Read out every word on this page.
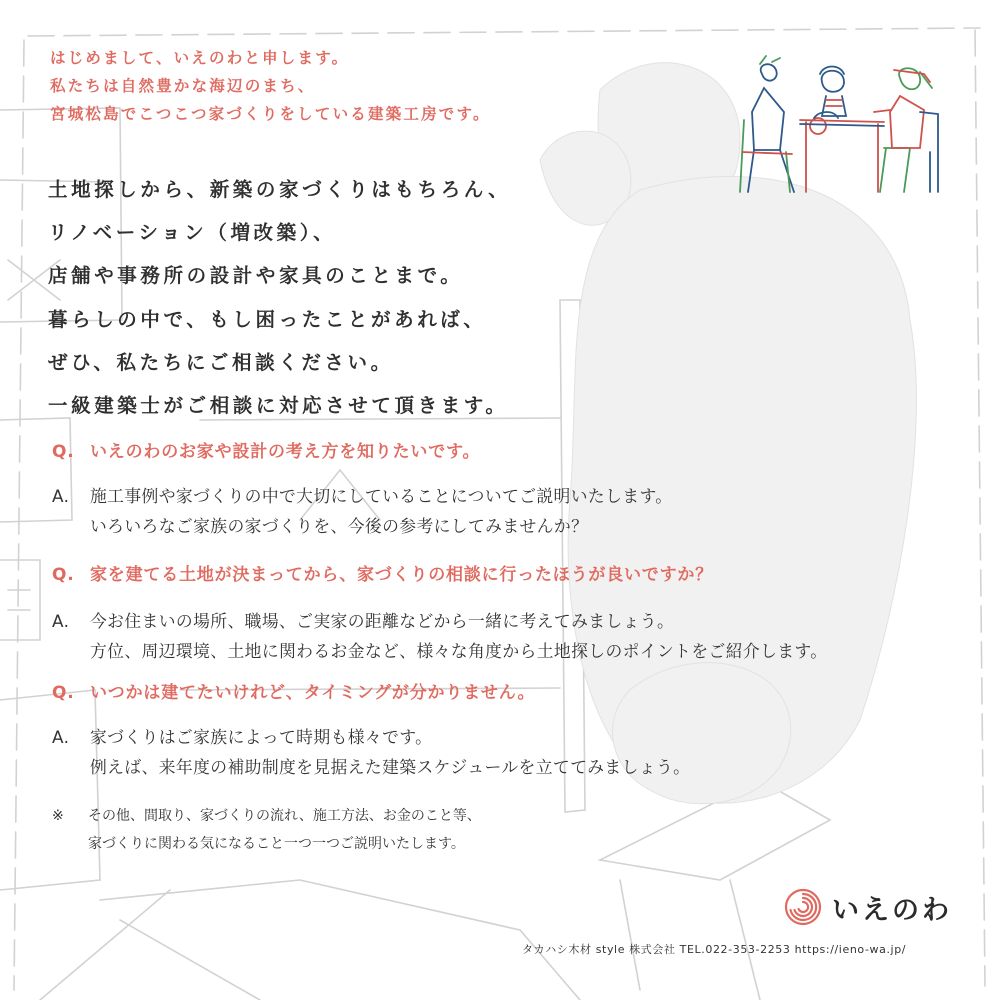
はじめまして、いえのわと申します。
私たちは自然豊かな海辺のまち、
宮城松島でこつこつ家づくりをしている建築工房です。
土地探しから、新築の家づくりはもちろん、
リノベーション（増改築）、
店舗や事務所の設計や家具のことまで。
暮らしの中で、もし困ったことがあれば、
ぜひ、私たちにご相談ください。
一級建築士がご相談に対応させて頂きます。
Q. いえのわのお家や設計の考え方を知りたいです。
A. 施工事例や家づくりの中で大切にしていることについてご説明いたします。
いろいろなご家族の家づくりを、今後の参考にしてみませんか？
Q. 家を建てる土地が決まってから、家づくりの相談に行ったほうが良いですか？
A. 今お住まいの場所、職場、ご実家の距離などから一緒に考えてみましょう。
方位、周辺環境、土地に関わるお金など、様々な角度から土地探しのポイントをご紹介します。
Q. いつかは建てたいけれど、タイミングが分かりません。
A. 家づくりはご家族によって時期も様々です。
例えば、来年度の補助制度を見据えた建築スケジュールを立ててみましょう。
※ その他、間取り、家づくりの流れ、施工方法、お金のこと等、
家づくりに関わる気になること一つ一つご説明いたします。
いえのわ
タカハシ木材 style 株式会社 TEL.022-353-2253 https://ieno-wa.jp/
